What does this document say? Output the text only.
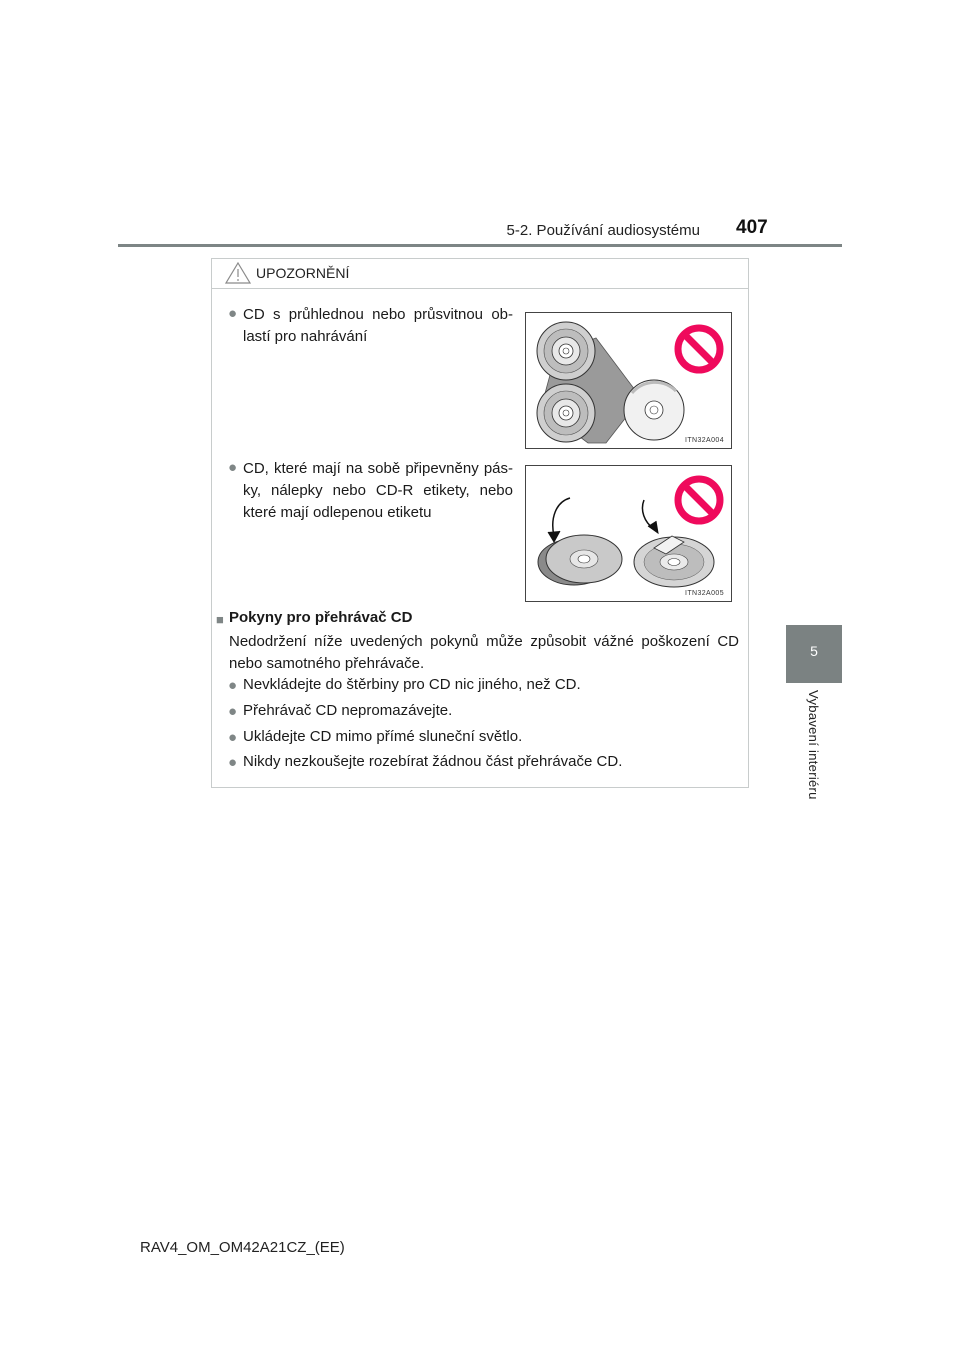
5-2. Používání audiosystému 407
5
Vybavení interiéru
UPOZORNĚNÍ
● CD s průhlednou nebo průsvitnou ob-
lastí pro nahrávání
ITN32A004
● CD, které mají na sobě připevněny pás-
ky, nálepky nebo CD-R etikety, nebo
které mají odlepenou etiketu
ITN32A005
■ Pokyny pro přehrávač CD
Nedodržení níže uvedených pokynů může způsobit vážné poškození CD
nebo samotného přehrávače.
● Nevkládejte do štěrbiny pro CD nic jiného, než CD.
● Přehrávač CD nepromazávejte.
● Ukládejte CD mimo přímé sluneční světlo.
● Nikdy nezkoušejte rozebírat žádnou část přehrávače CD.
RAV4_OM_OM42A21CZ_(EE)
